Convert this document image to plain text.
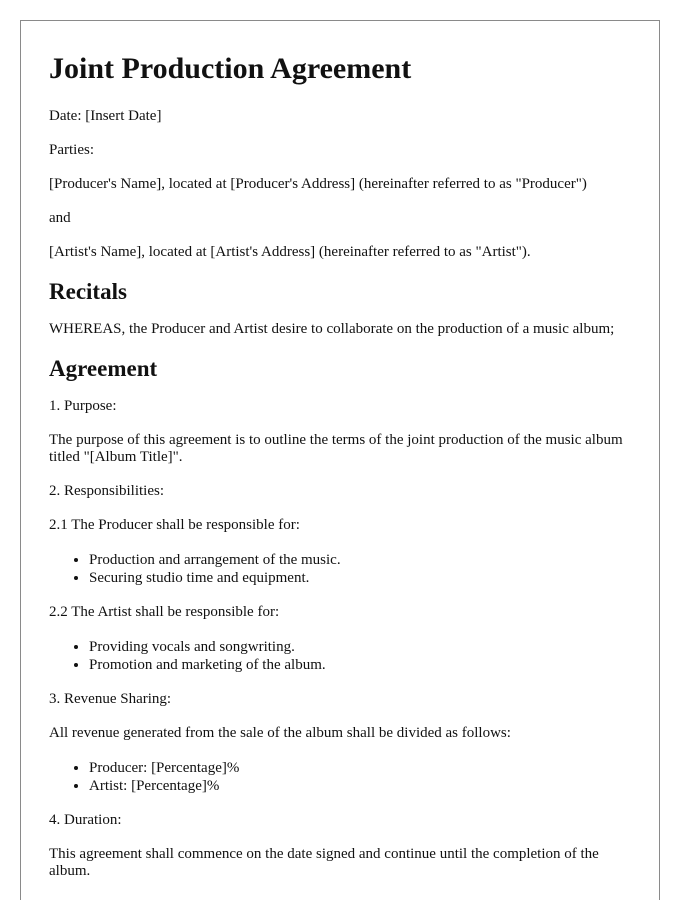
Joint Production Agreement

Date: [Insert Date]

Parties:

[Producer's Name], located at [Producer's Address] (hereinafter referred to as "Producer")

and

[Artist's Name], located at [Artist's Address] (hereinafter referred to as "Artist").

Recitals

WHEREAS, the Producer and Artist desire to collaborate on the production of a music album;

Agreement

1. Purpose:

The purpose of this agreement is to outline the terms of the joint production of the music album titled "[Album Title]".

2. Responsibilities:

2.1 The Producer shall be responsible for:

• Production and arrangement of the music.
• Securing studio time and equipment.

2.2 The Artist shall be responsible for:

• Providing vocals and songwriting.
• Promotion and marketing of the album.

3. Revenue Sharing:

All revenue generated from the sale of the album shall be divided as follows:

• Producer: [Percentage]%
• Artist: [Percentage]%

4. Duration:

This agreement shall commence on the date signed and continue until the completion of the album.
